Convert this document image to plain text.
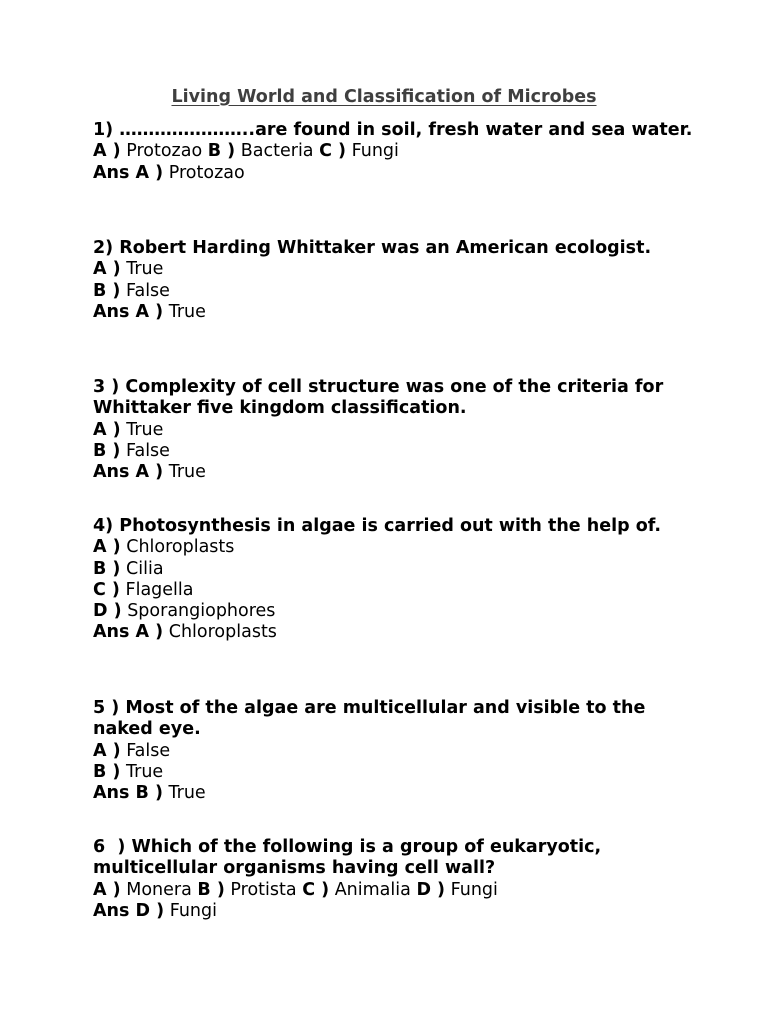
Living World and Classification of Microbes
1) …………………..are found in soil, fresh water and sea water.
A ) Protozao B ) Bacteria C ) Fungi
Ans A ) Protozao
2) Robert Harding Whittaker was an American ecologist.
A ) True
B ) False
Ans A ) True
3 ) Complexity of cell structure was one of the criteria for Whittaker five kingdom classification.
A ) True
B ) False
Ans A ) True
4) Photosynthesis in algae is carried out with the help of.
A ) Chloroplasts
B ) Cilia
C ) Flagella
D ) Sporangiophores
Ans A ) Chloroplasts
5 ) Most of the algae are multicellular and visible to the naked eye.
A ) False
B ) True
Ans B ) True
6  ) Which of the following is a group of eukaryotic, multicellular organisms having cell wall?
A ) Monera B ) Protista C ) Animalia D ) Fungi
Ans D ) Fungi
